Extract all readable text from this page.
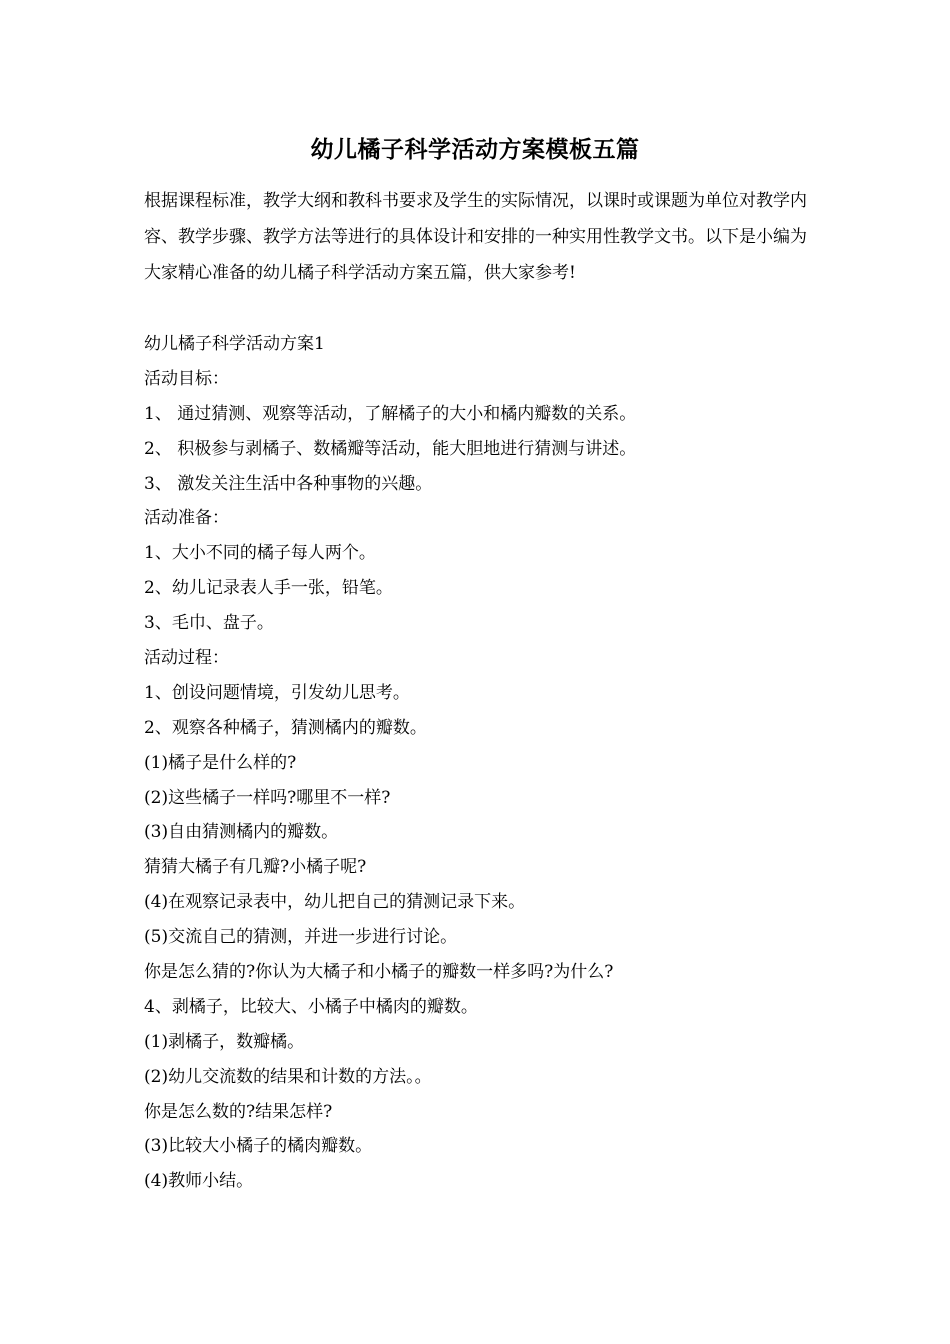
幼儿橘子科学活动方案模板五篇

根据课程标准，教学大纲和教科书要求及学生的实际情况，以课时或课题为单位对教学内容、教学步骤、教学方法等进行的具体设计和安排的一种实用性教学文书。以下是小编为大家精心准备的幼儿橘子科学活动方案五篇，供大家参考!

幼儿橘子科学活动方案1
活动目标：
1、 通过猜测、观察等活动，了解橘子的大小和橘内瓣数的关系。
2、 积极参与剥橘子、数橘瓣等活动，能大胆地进行猜测与讲述。
3、 激发关注生活中各种事物的兴趣。
活动准备：
1、大小不同的橘子每人两个。
2、幼儿记录表人手一张，铅笔。
3、毛巾、盘子。
活动过程：
1、创设问题情境，引发幼儿思考。
2、观察各种橘子，猜测橘内的瓣数。
(1)橘子是什么样的?
(2)这些橘子一样吗?哪里不一样?
(3)自由猜测橘内的瓣数。
猜猜大橘子有几瓣?小橘子呢?
(4)在观察记录表中，幼儿把自己的猜测记录下来。
(5)交流自己的猜测，并进一步进行讨论。
你是怎么猜的?你认为大橘子和小橘子的瓣数一样多吗?为什么?
4、剥橘子，比较大、小橘子中橘肉的瓣数。
(1)剥橘子，数瓣橘。
(2)幼儿交流数的结果和计数的方法。。
你是怎么数的?结果怎样?
(3)比较大小橘子的橘肉瓣数。
(4)教师小结。
